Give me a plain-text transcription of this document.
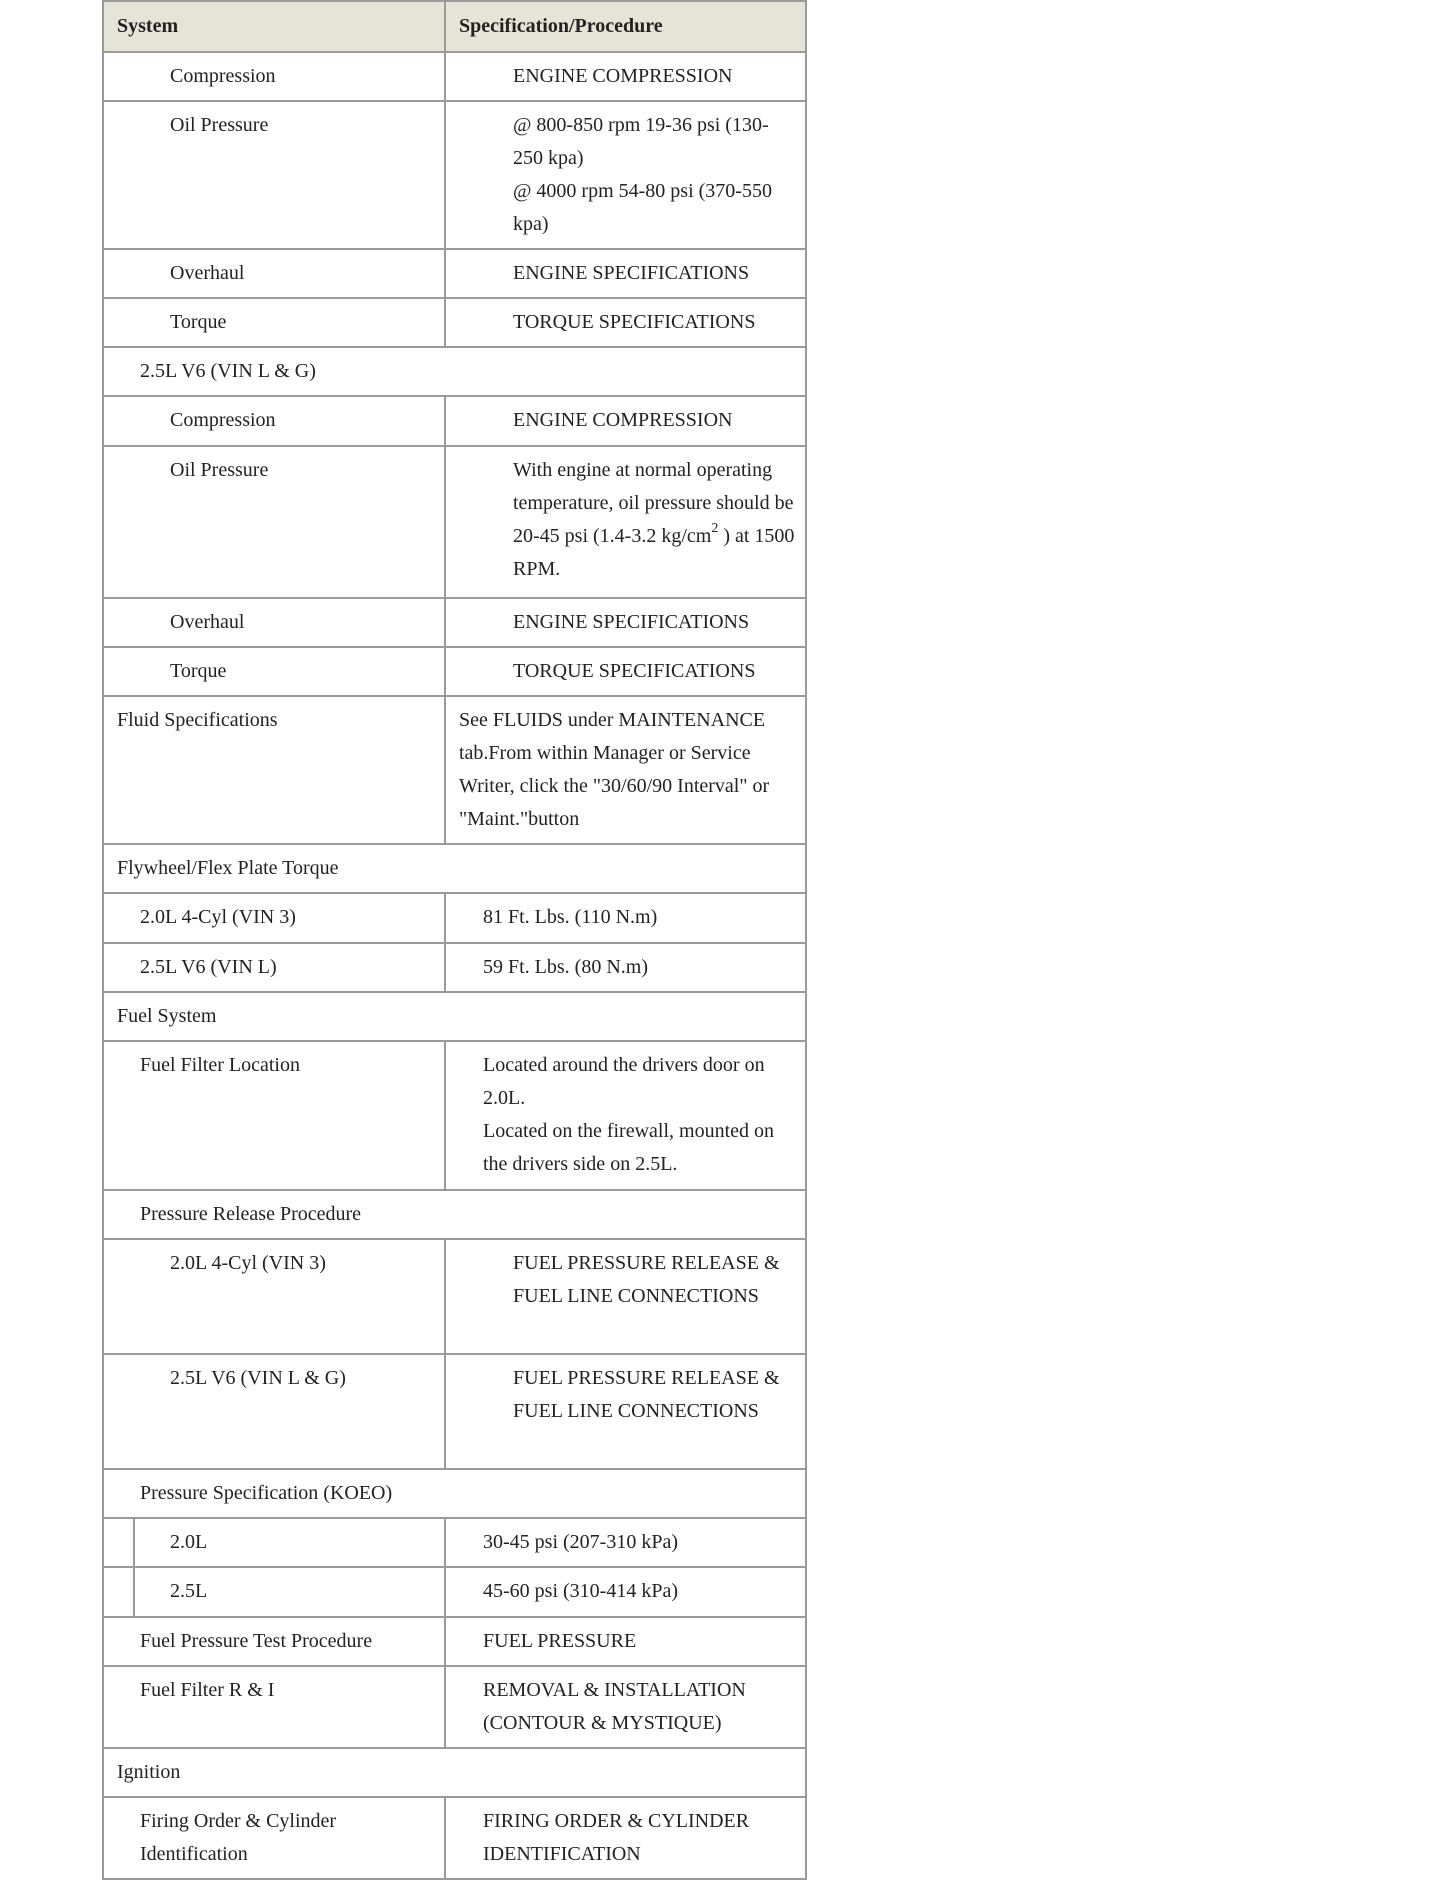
System	Specification/Procedure

Compression	ENGINE COMPRESSION

Oil Pressure	@ 800-850 rpm 19-36 psi (130-250 kpa)
@ 4000 rpm 54-80 psi (370-550 kpa)

Overhaul	ENGINE SPECIFICATIONS

Torque	TORQUE SPECIFICATIONS

2.5L V6 (VIN L & G)	

Compression	ENGINE COMPRESSION

Oil Pressure	With engine at normal operating temperature, oil pressure should be 20-45 psi (1.4-3.2 $kg/cm^2$ ) at 1500 RPM.

Overhaul	ENGINE SPECIFICATIONS

Torque	TORQUE SPECIFICATIONS

Fluid Specifications	See FLUIDS under MAINTENANCE tab.From within Manager or Service Writer, click the "30/60/90 Interval" or "Maint."button

Flywheel/Flex Plate Torque	

2.0L 4-Cyl (VIN 3)	81 Ft. Lbs. (110 N.m)

2.5L V6 (VIN L)	59 Ft. Lbs. (80 N.m)

Fuel System	

Fuel Filter Location	Located around the drivers door on 2.0L.
Located on the firewall, mounted on the drivers side on 2.5L.

Pressure Release Procedure	

2.0L 4-Cyl (VIN 3)	FUEL PRESSURE RELEASE & FUEL LINE CONNECTIONS

2.5L V6 (VIN L & G)	FUEL PRESSURE RELEASE & FUEL LINE CONNECTIONS

Pressure Specification (KOEO)	

2.0L	30-45 psi (207-310 kPa)

2.5L	45-60 psi (310-414 kPa)

Fuel Pressure Test Procedure	FUEL PRESSURE

Fuel Filter R & I	REMOVAL & INSTALLATION (CONTOUR & MYSTIQUE)

Ignition	

Firing Order & Cylinder Identification	FIRING ORDER & CYLINDER IDENTIFICATION
